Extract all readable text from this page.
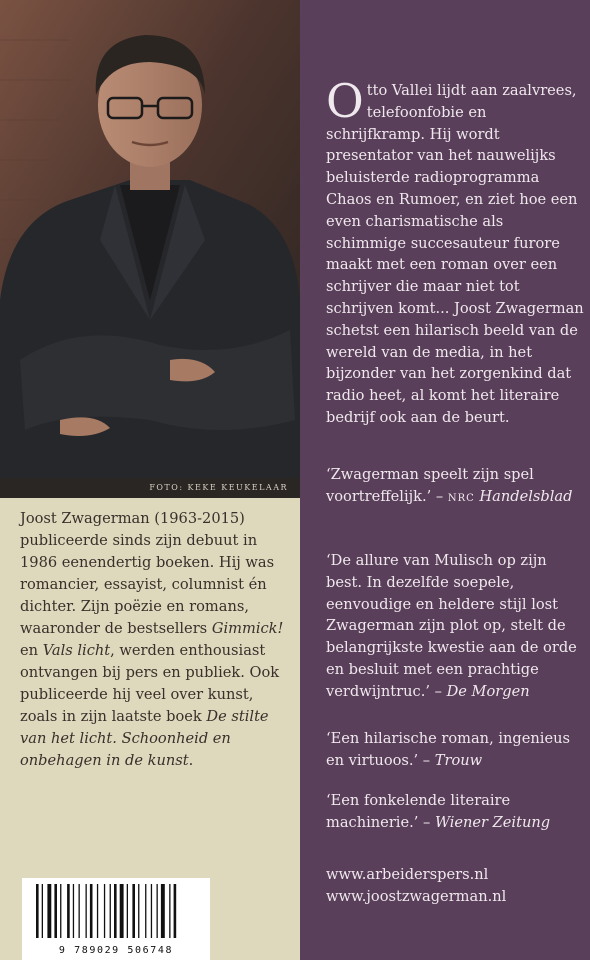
FOTO: KEKE KEUKELAAR

Joost Zwagerman (1963-2015) publiceerde sinds zijn debuut in 1986 eenendertig boeken. Hij was romancier, essayist, columnist én dichter. Zijn poëzie en romans, waaronder de bestsellers Gimmick! en Vals licht, werden enthousiast ontvangen bij pers en publiek. Ook publiceerde hij veel over kunst, zoals in zijn laatste boek De stilte van het licht. Schoonheid en onbehagen in de kunst.

9 789029 506748

Otto Vallei lijdt aan zaalvrees, telefoonfobie en schrijfkramp. Hij wordt presentator van het nauwelijks beluisterde radioprogramma Chaos en Rumoer, en ziet hoe een even charismatische als schimmige succesauteur furore maakt met een roman over een schrijver die maar niet tot schrijven komt... Joost Zwagerman schetst een hilarisch beeld van de wereld van de media, in het bijzonder van het zorgenkind dat radio heet, al komt het literaire bedrijf ook aan de beurt.

‘Zwagerman speelt zijn spel voortreffelijk.’ – NRC Handelsblad

‘De allure van Mulisch op zijn best. In dezelfde soepele, eenvoudige en heldere stijl lost Zwagerman zijn plot op, stelt de belangrijkste kwestie aan de orde en besluit met een prachtige verdwijntruc.’ – De Morgen

‘Een hilarische roman, ingenieus en virtuoos.’ – Trouw

‘Een fonkelende literaire machinerie.’ – Wiener Zeitung

www.arbeiderspers.nl
www.joostzwagerman.nl
